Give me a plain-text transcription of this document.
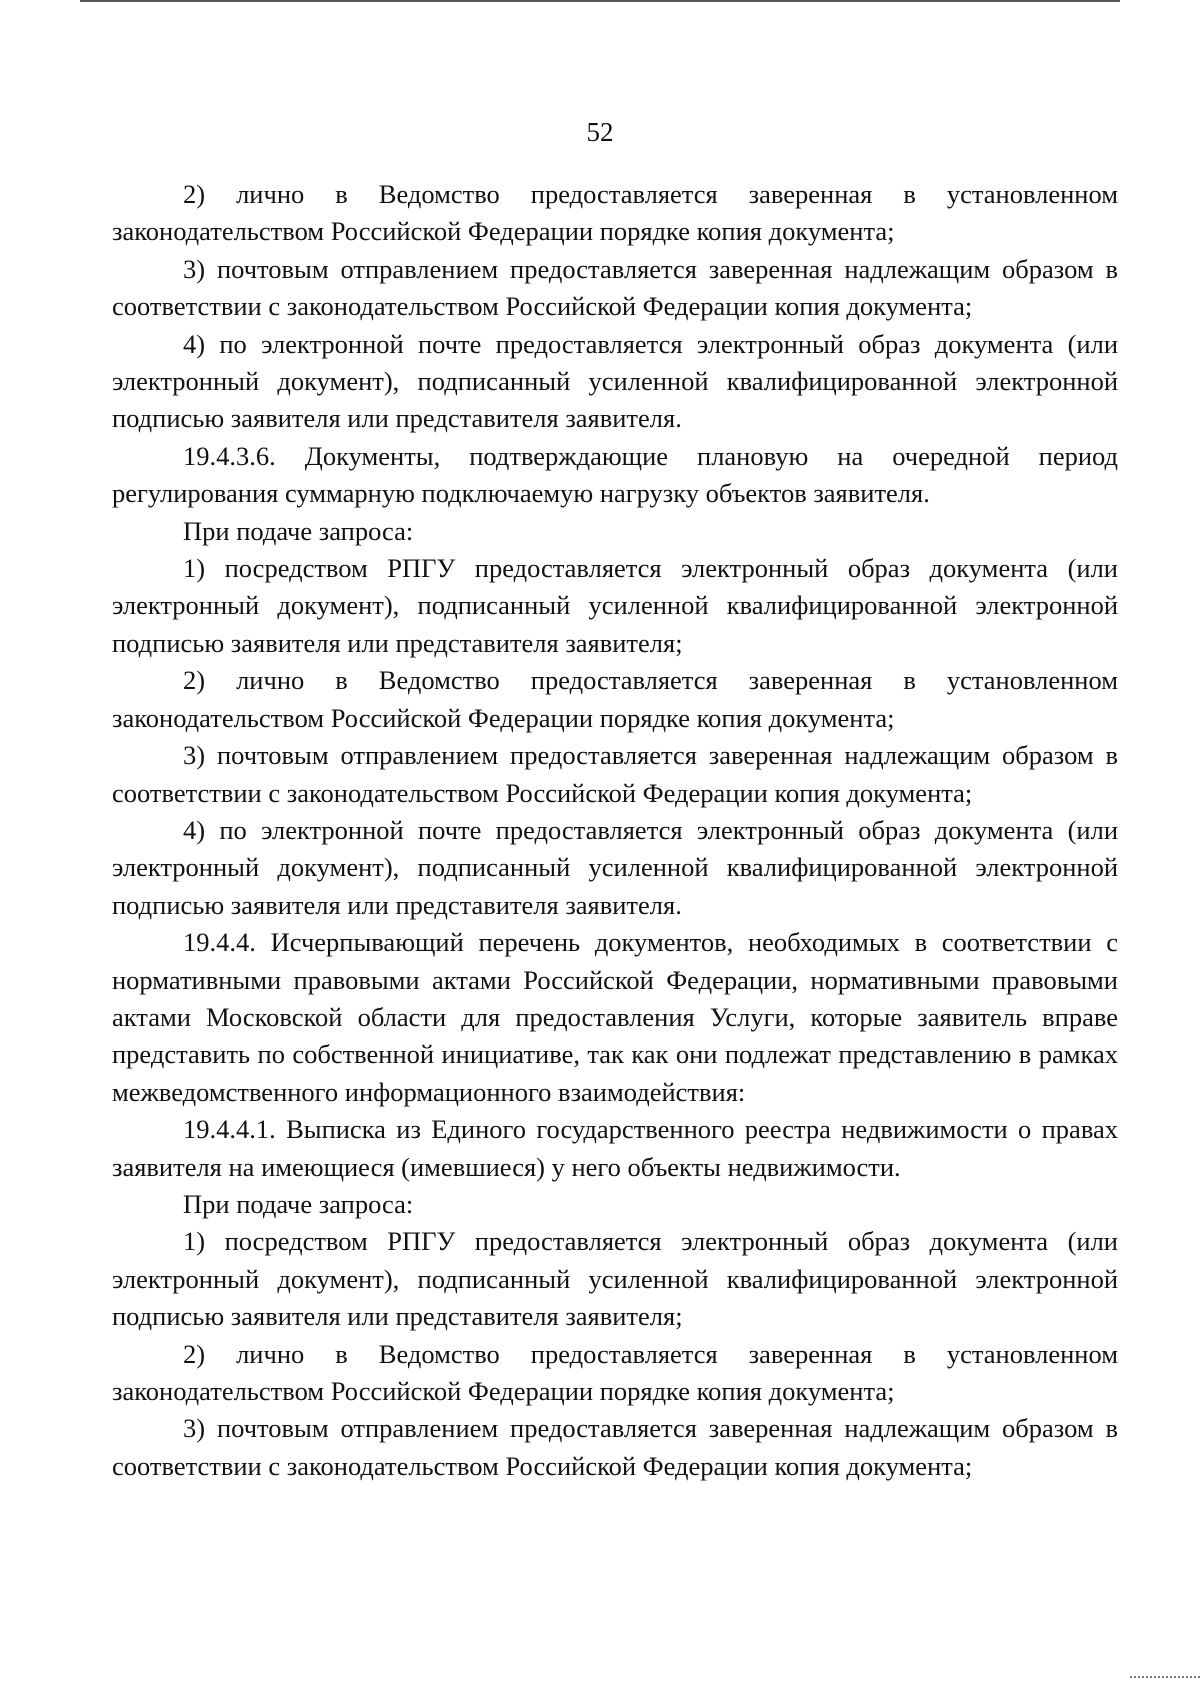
52

2) лично в Ведомство предоставляется заверенная в установленном законодательством Российской Федерации порядке копия документа;

3) почтовым отправлением предоставляется заверенная надлежащим образом в соответствии с законодательством Российской Федерации копия документа;

4) по электронной почте предоставляется электронный образ документа (или электронный документ), подписанный усиленной квалифицированной электронной подписью заявителя или представителя заявителя.

19.4.3.6. Документы, подтверждающие плановую на очередной период регулирования суммарную подключаемую нагрузку объектов заявителя.

При подаче запроса:

1) посредством РПГУ предоставляется электронный образ документа (или электронный документ), подписанный усиленной квалифицированной электронной подписью заявителя или представителя заявителя;

2) лично в Ведомство предоставляется заверенная в установленном законодательством Российской Федерации порядке копия документа;

3) почтовым отправлением предоставляется заверенная надлежащим образом в соответствии с законодательством Российской Федерации копия документа;

4) по электронной почте предоставляется электронный образ документа (или электронный документ), подписанный усиленной квалифицированной электронной подписью заявителя или представителя заявителя.

19.4.4. Исчерпывающий перечень документов, необходимых в соответствии с нормативными правовыми актами Российской Федерации, нормативными правовыми актами Московской области для предоставления Услуги, которые заявитель вправе представить по собственной инициативе, так как они подлежат представлению в рамках межведомственного информационного взаимодействия:

19.4.4.1. Выписка из Единого государственного реестра недвижимости о правах заявителя на имеющиеся (имевшиеся) у него объекты недвижимости.

При подаче запроса:

1) посредством РПГУ предоставляется электронный образ документа (или электронный документ), подписанный усиленной квалифицированной электронной подписью заявителя или представителя заявителя;

2) лично в Ведомство предоставляется заверенная в установленном законодательством Российской Федерации порядке копия документа;

3) почтовым отправлением предоставляется заверенная надлежащим образом в соответствии с законодательством Российской Федерации копия документа;
